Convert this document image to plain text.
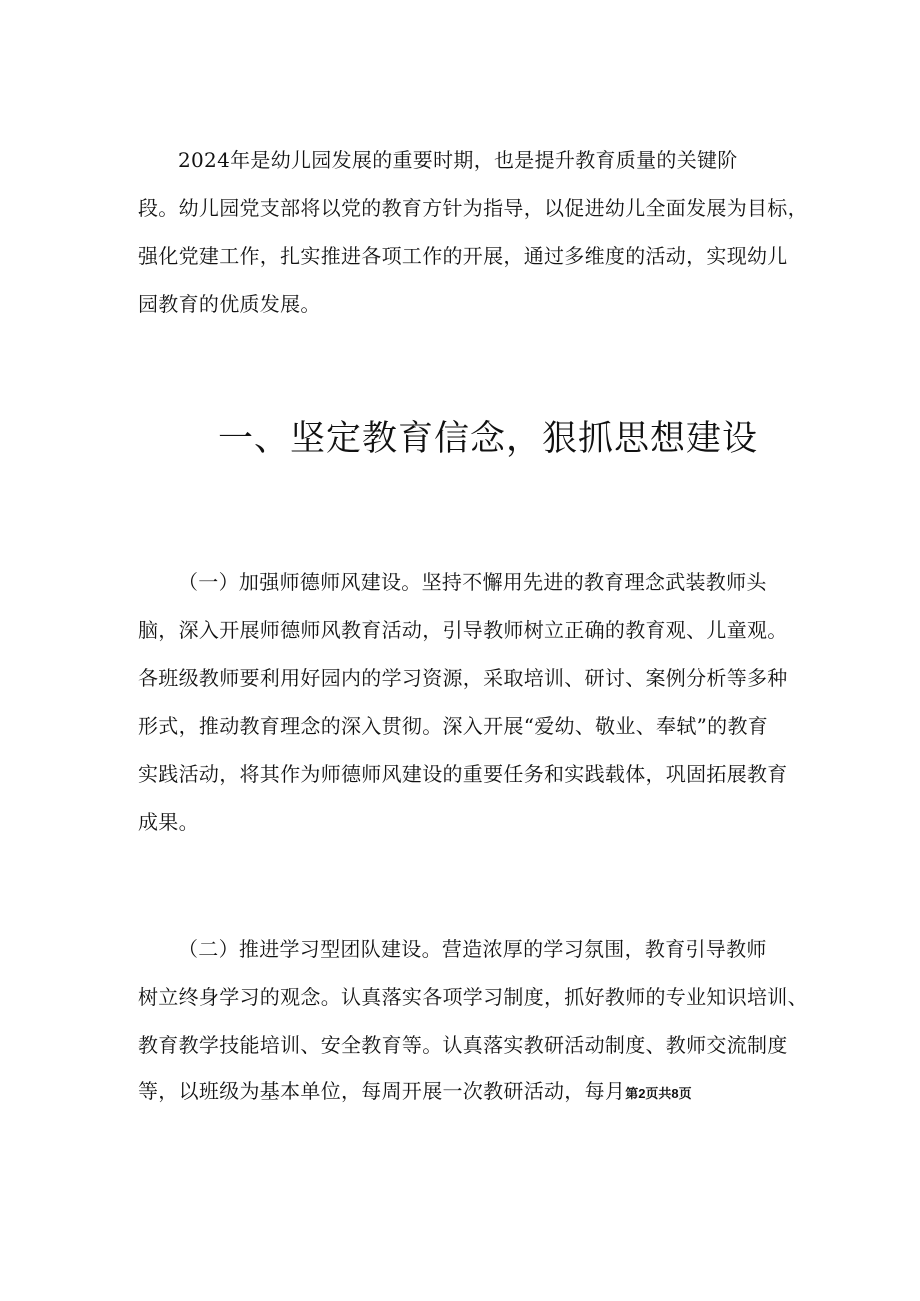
2024年是幼儿园发展的重要时期，也是提升教育质量的关键阶
段。幼儿园党支部将以党的教育方针为指导，以促进幼儿全面发展为目标，
强化党建工作，扎实推进各项工作的开展，通过多维度的活动，实现幼儿
园教育的优质发展。
一、坚定教育信念，狠抓思想建设
（一）加强师德师风建设。坚持不懈用先进的教育理念武装教师头
脑，深入开展师德师风教育活动，引导教师树立正确的教育观、儿童观。
各班级教师要利用好园内的学习资源，采取培训、研讨、案例分析等多种
形式，推动教育理念的深入贯彻。深入开展“爱幼、敬业、奉轼”的教育
实践活动，将其作为师德师风建设的重要任务和实践载体，巩固拓展教育
成果。
（二）推进学习型团队建设。营造浓厚的学习氛围，教育引导教师
树立终身学习的观念。认真落实各项学习制度，抓好教师的专业知识培训、
教育教学技能培训、安全教育等。认真落实教研活动制度、教师交流制度
等，以班级为基本单位，每周开展一次教研活动，每月第2页共8页
